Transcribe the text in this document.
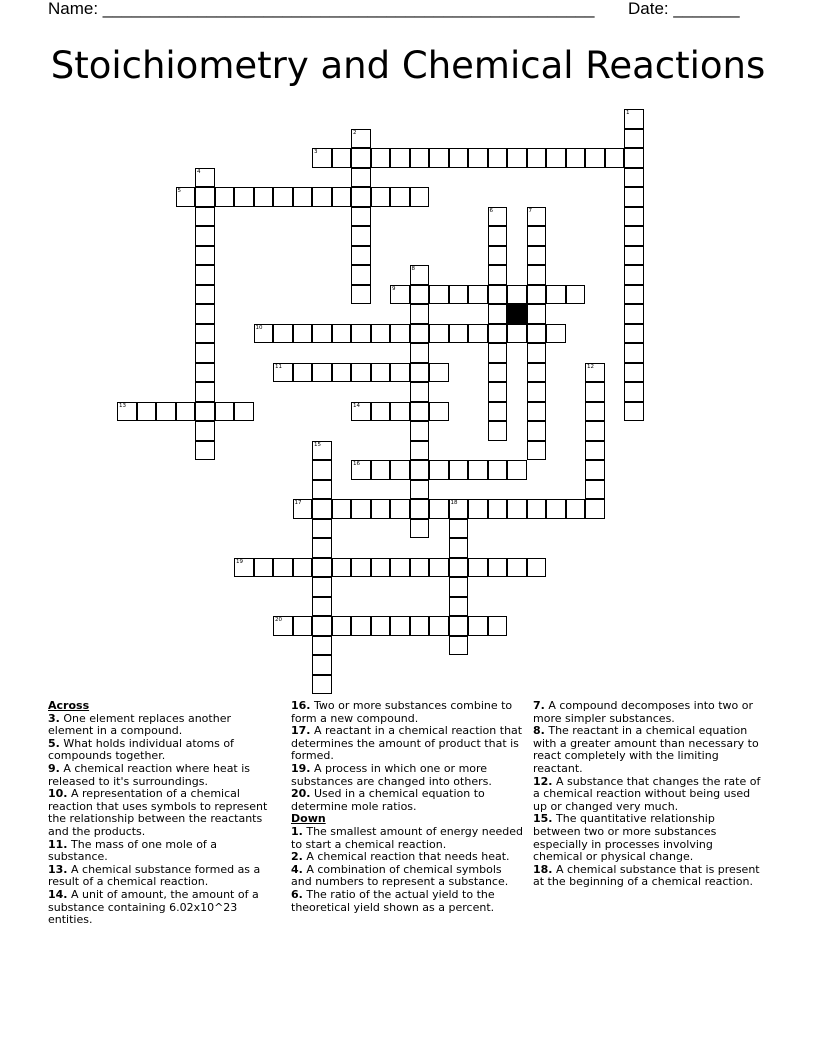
Name: ____________________________________________________ Date: _______
Stoichiometry and Chemical Reactions
1
2
3
4
5
6	7
8
9
10
11	12
13	14
15
16
17	18
19
20
Across
3. One element replaces another element in a compound.
5. What holds individual atoms of compounds together.
9. A chemical reaction where heat is released to it's surroundings.
10. A representation of a chemical reaction that uses symbols to represent the relationship between the reactants and the products.
11. The mass of one mole of a substance.
13. A chemical substance formed as a result of a chemical reaction.
14. A unit of amount, the amount of a substance containing 6.02x10^23 entities.
16. Two or more substances combine to form a new compound.
17. A reactant in a chemical reaction that determines the amount of product that is formed.
19. A process in which one or more substances are changed into others.
20. Used in a chemical equation to determine mole ratios.
Down
1. The smallest amount of energy needed to start a chemical reaction.
2. A chemical reaction that needs heat.
4. A combination of chemical symbols and numbers to represent a substance.
6. The ratio of the actual yield to the theoretical yield shown as a percent.
7. A compound decomposes into two or more simpler substances.
8. The reactant in a chemical equation with a greater amount than necessary to react completely with the limiting reactant.
12. A substance that changes the rate of a chemical reaction without being used up or changed very much.
15. The quantitative relationship between two or more substances especially in processes involving chemical or physical change.
18. A chemical substance that is present at the beginning of a chemical reaction.
